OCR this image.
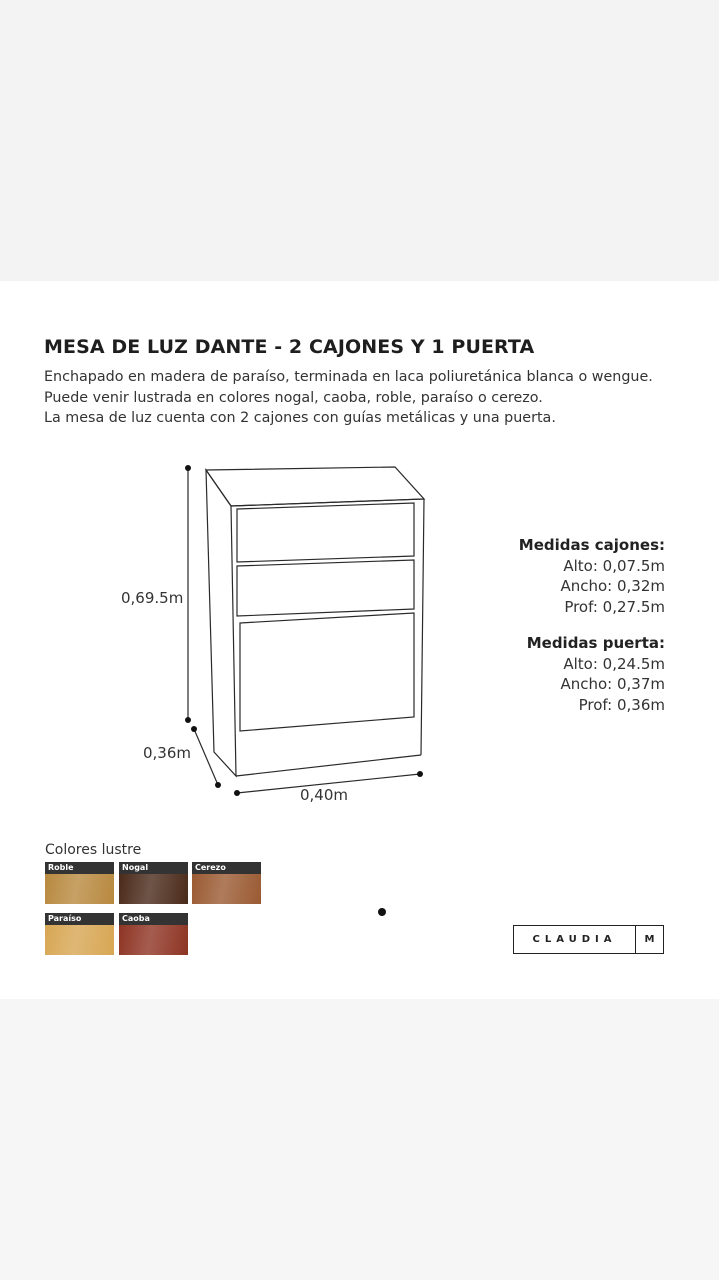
MESA DE LUZ DANTE - 2 CAJONES Y 1 PUERTA
Enchapado en madera de paraíso, terminada en laca poliuretánica blanca o wengue.
Puede venir lustrada en colores nogal, caoba, roble, paraíso o cerezo.
La mesa de luz cuenta con 2 cajones con guías metálicas y una puerta.
0,69.5m
0,36m
0,40m
Medidas cajones:
Alto: 0,07.5m
Ancho: 0,32m
Prof: 0,27.5m
Medidas puerta:
Alto: 0,24.5m
Ancho: 0,37m
Prof: 0,36m
Colores lustre
Roble	Nogal	Cerezo
Paraíso	Caoba
CLAUDIA	M
